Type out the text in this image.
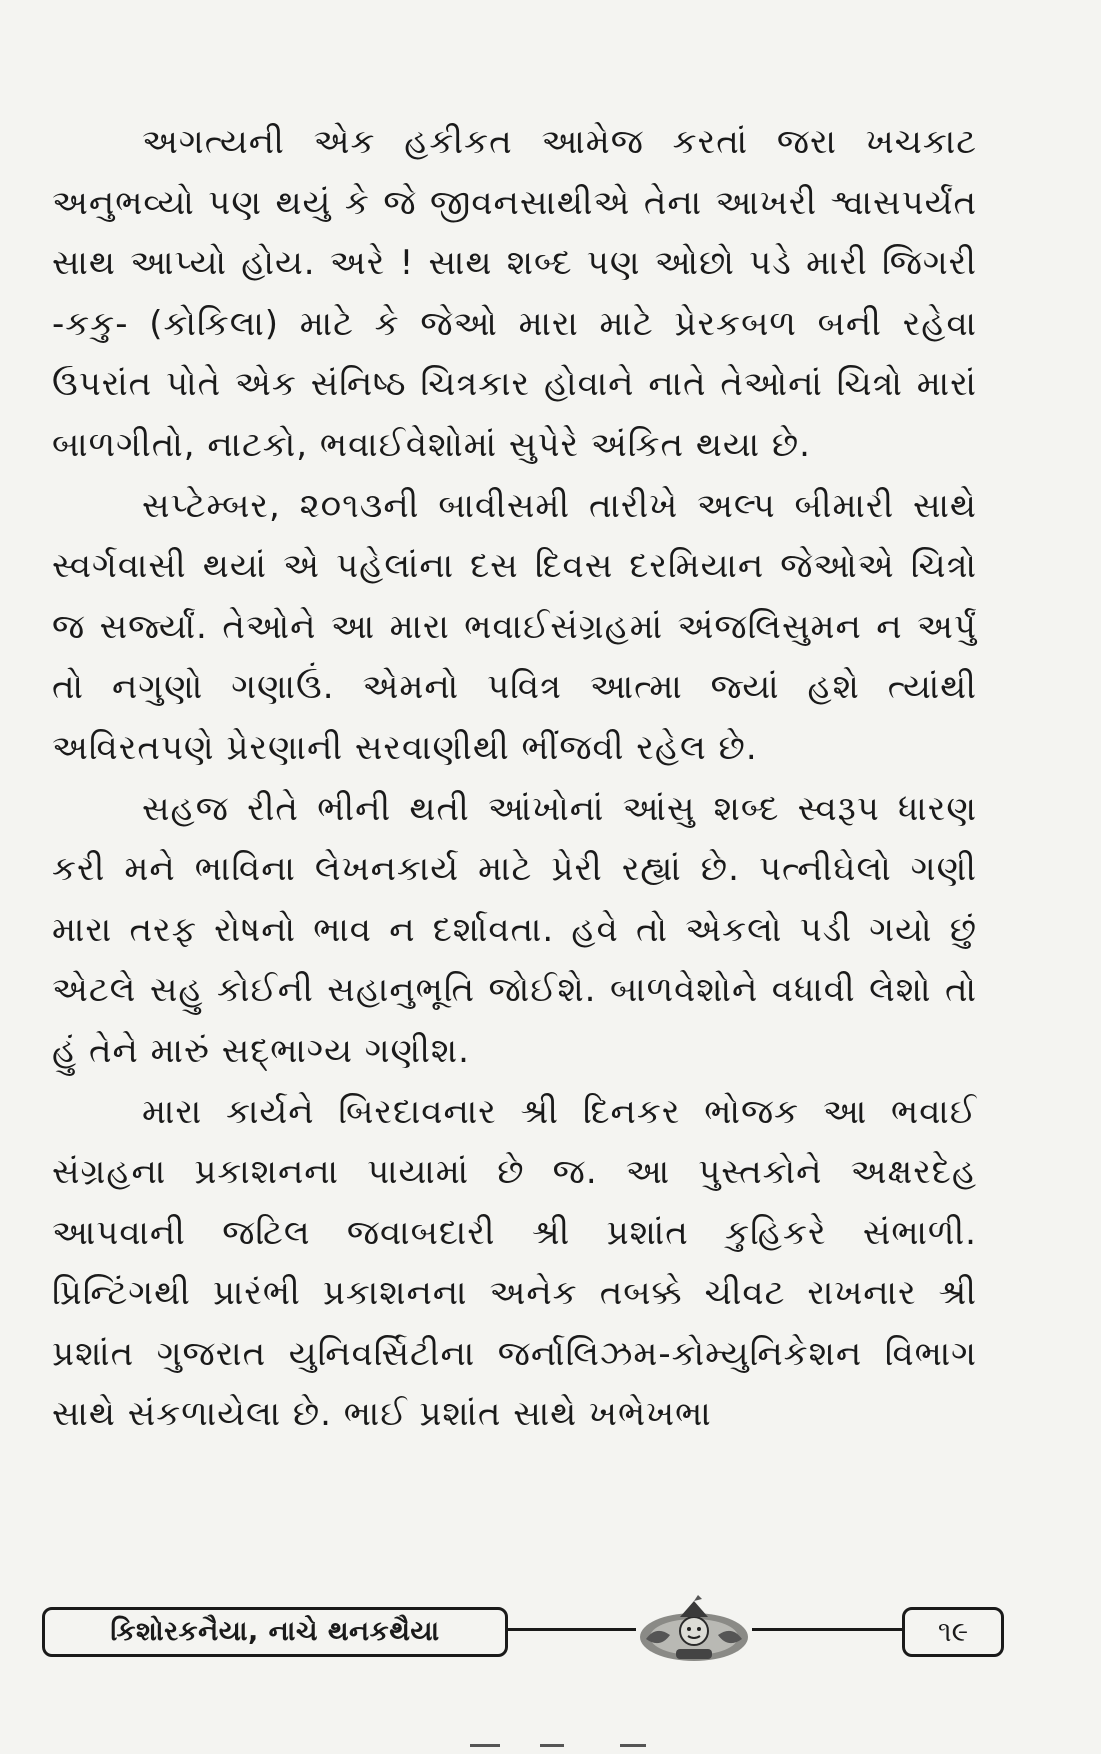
અગત્યની એક હકીકત આમેજ કરતાં જરા ખચકાટ અનુભવ્યો પણ થયું કે જે જીવનસાથીએ તેના આખરી શ્વાસપર્યંત સાથ આપ્યો હોય. અરે ! સાથ શબ્દ પણ ઓછો પડે મારી જિગરી -કકુ- (કોકિલા) માટે કે જેઓ મારા માટે પ્રેરકબળ બની રહેવા ઉપરાંત પોતે એક સંનિષ્ઠ ચિત્રકાર હોવાને નાતે તેઓનાં ચિત્રો મારાં બાળગીતો, નાટકો, ભવાઈવેશોમાં સુપેરે અંકિત થયા છે.

સપ્ટેમ્બર, ૨૦૧૩ની બાવીસમી તારીખે અલ્પ બીમારી સાથે સ્વર્ગવાસી થયાં એ પહેલાંના દસ દિવસ દરમિયાન જેઓએ ચિત્રો જ સર્જ્યાં. તેઓને આ મારા ભવાઈસંગ્રહમાં અંજલિસુમન ન અર્પું તો નગુણો ગણાઉં. એમનો પવિત્ર આત્મા જ્યાં હશે ત્યાંથી અવિરતપણે પ્રેરણાની સરવાણીથી ભીંજવી રહેલ છે.

સહજ રીતે ભીની થતી આંખોનાં આંસુ શબ્દ સ્વરૂપ ધારણ કરી મને ભાવિના લેખનકાર્ય માટે પ્રેરી રહ્યાં છે. પત્નીઘેલો ગણી મારા તરફ રોષનો ભાવ ન દર્શાવતા. હવે તો એકલો પડી ગયો છું એટલે સહુ કોઈની સહાનુભૂતિ જોઈશે. બાળવેશોને વધાવી લેશો તો હું તેને મારું સદ્ભાગ્ય ગણીશ.

મારા કાર્યને બિરદાવનાર શ્રી દિનકર ભોજક આ ભવાઈ સંગ્રહના પ્રકાશનના પાયામાં છે જ. આ પુસ્તકોને અક્ષરદેહ આપવાની જટિલ જવાબદારી શ્રી પ્રશાંત કુહિકરે સંભાળી. પ્રિન્ટિંગથી પ્રારંભી પ્રકાશનના અનેક તબક્કે ચીવટ રાખનાર શ્રી પ્રશાંત ગુજરાત યુનિવર્સિટીના જર્નાલિઝમ-કોમ્યુનિકેશન વિભાગ સાથે સંકળાયેલા છે. ભાઈ પ્રશાંત સાથે ખભેખભા

કિશોરકનૈયા, નાચે થનકથૈયા	૧૯
